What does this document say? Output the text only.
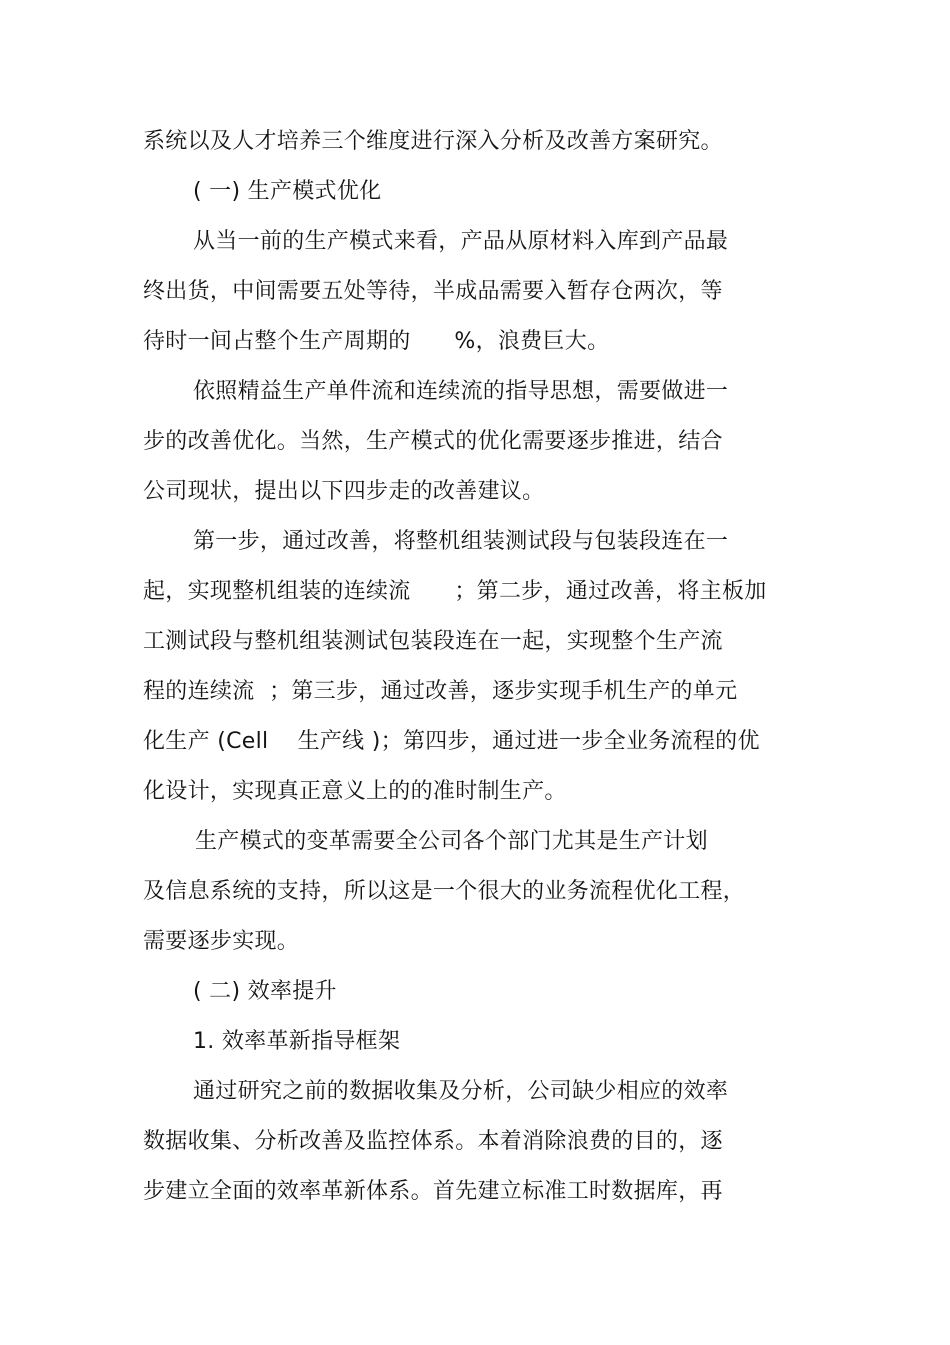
系统以及人才培养三个维度进行深入分析及改善方案研究。
( 一) 生产模式优化
从当一前的生产模式来看，产品从原材料入库到产品最
终出货，中间需要五处等待，半成品需要入暂存仓两次，等
待时一间占整个生产周期的      %，浪费巨大。
依照精益生产单件流和连续流的指导思想，需要做进一
步的改善优化。当然，生产模式的优化需要逐步推进，结合
公司现状，提出以下四步走的改善建议。
第一步，通过改善，将整机组装测试段与包装段连在一
起，实现整机组装的连续流      ；第二步，通过改善，将主板加
工测试段与整机组装测试包装段连在一起，实现整个生产流
程的连续流  ；第三步，通过改善，逐步实现手机生产的单元
化生产 (Cell    生产线 )；第四步，通过进一步全业务流程的优
化设计，实现真正意义上的的准时制生产。
生产模式的变革需要全公司各个部门尤其是生产计划
及信息系统的支持，所以这是一个很大的业务流程优化工程，
需要逐步实现。
( 二) 效率提升
1. 效率革新指导框架
通过研究之前的数据收集及分析，公司缺少相应的效率
数据收集、分析改善及监控体系。本着消除浪费的目的，逐
步建立全面的效率革新体系。首先建立标准工时数据库，再
